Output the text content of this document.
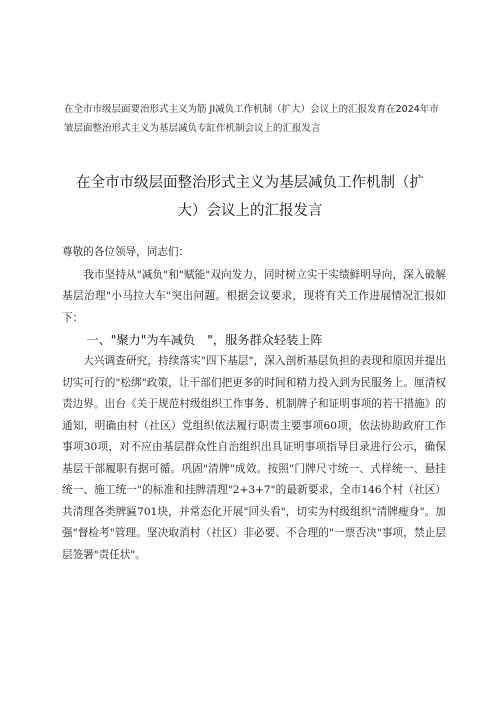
在全市市级层面要治形式主义为筋 JI减负工作机制（扩大）会议上的汇报发育在2024年市皱层面整治形式主义为基层减负专缸作机制会议上的汇报发言
在全市市级层面整治形式主义为基层减负工作机制（扩大）会议上的汇报发言

尊敬的各位领导，同志们：

我市坚持从"减负"和"赋能"双向发力，同时树立实干实绩鲜明导向，深入破解基层治理"小马拉大车"突出问题。根据会议要求，现将有关工作进展情况汇报如下：

一、"聚力"为车减负　"，服务群众轻装上阵

大兴调查研究，持续落实"四下基层"，深入剖析基层负担的表现和原因并提出切实可行的"松绑"政策，让干部们把更多的时间和精力投入到为民服务上。厘清权责边界。出台《关于规范村级组织工作事务、机制牌子和证明事项的若干措施》的通知，明确由村（社区）党组织依法履行职责主要事项60项，依法协助政府工作事项30项，对不应由基层群众性自治组织出具证明事项指导目录进行公示，确保基层干部履职有据可循。巩固"清牌"成效。按照"门牌尺寸统一、式样统一、悬挂统一、施工统一"的标准和挂牌清理"2+3+7"的最新要求，全市146个村（社区）共清理各类牌匾701块，并常态化开展"回头看"，切实为村级组织"清牌瘦身"。加强"督检考"管理。坚决取消村（社区）非必要、不合理的"一票否决"事项，禁止层层签署"责任状"。
